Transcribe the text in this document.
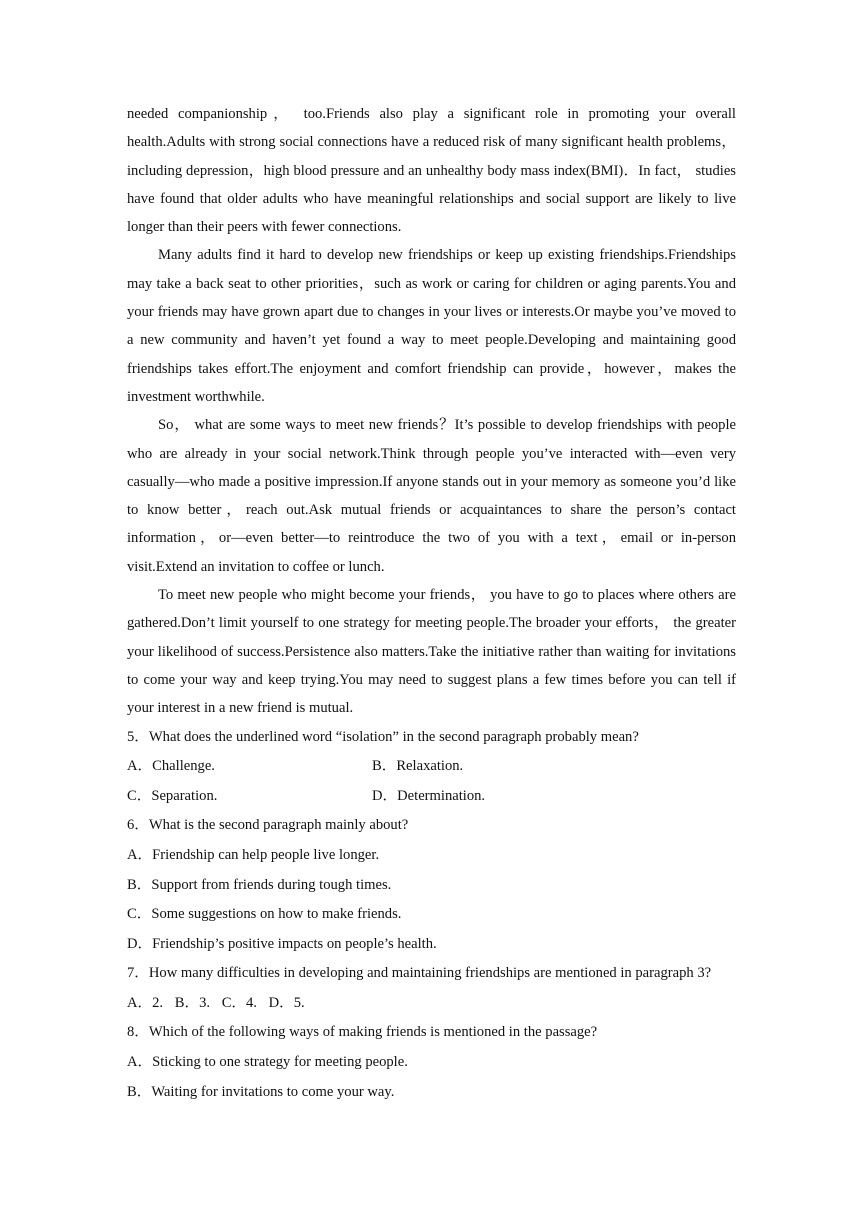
needed companionship， too.Friends also play a significant role in promoting your overall health.Adults with strong social connections have a reduced risk of many significant health problems，including depression，high blood pressure and an unhealthy body mass index(BMI)．In fact， studies have found that older adults who have meaningful relationships and social support are likely to live longer than their peers with fewer connections.

Many adults find it hard to develop new friendships or keep up existing friendships.Friendships may take a back seat to other priorities，such as work or caring for children or aging parents.You and your friends may have grown apart due to changes in your lives or interests.Or maybe you’ve moved to a new community and haven’t yet found a way to meet people.Developing and maintaining good friendships takes effort.The enjoyment and comfort friendship can provide，however，makes the investment worthwhile.

So， what are some ways to meet new friends？It’s possible to develop friendships with people who are already in your social network.Think through people you’ve interacted with—even very casually—who made a positive impression.If anyone stands out in your memory as someone you’d like to know better，reach out.Ask mutual friends or acquaintances to share the person’s contact information，or—even better—to reintroduce the two of you with a text，email or in-person visit.Extend an invitation to coffee or lunch.

To meet new people who might become your friends， you have to go to places where others are gathered.Don’t limit yourself to one strategy for meeting people.The broader your efforts， the greater your likelihood of success.Persistence also matters.Take the initiative rather than waiting for invitations to come your way and keep trying.You may need to suggest plans a few times before you can tell if your interest in a new friend is mutual.

5．What does the underlined word “isolation” in the second paragraph probably mean?

A．Challenge.	B．Relaxation.
C．Separation.	D．Determination.

6．What is the second paragraph mainly about?

A．Friendship can help people live longer.

B．Support from friends during tough times.

C．Some suggestions on how to make friends.

D．Friendship’s positive impacts on people’s health.

7．How many difficulties in developing and maintaining friendships are mentioned in paragraph 3?

A．2. B．3. C．4. D．5.

8．Which of the following ways of making friends is mentioned in the passage?

A．Sticking to one strategy for meeting people.

B．Waiting for invitations to come your way.
